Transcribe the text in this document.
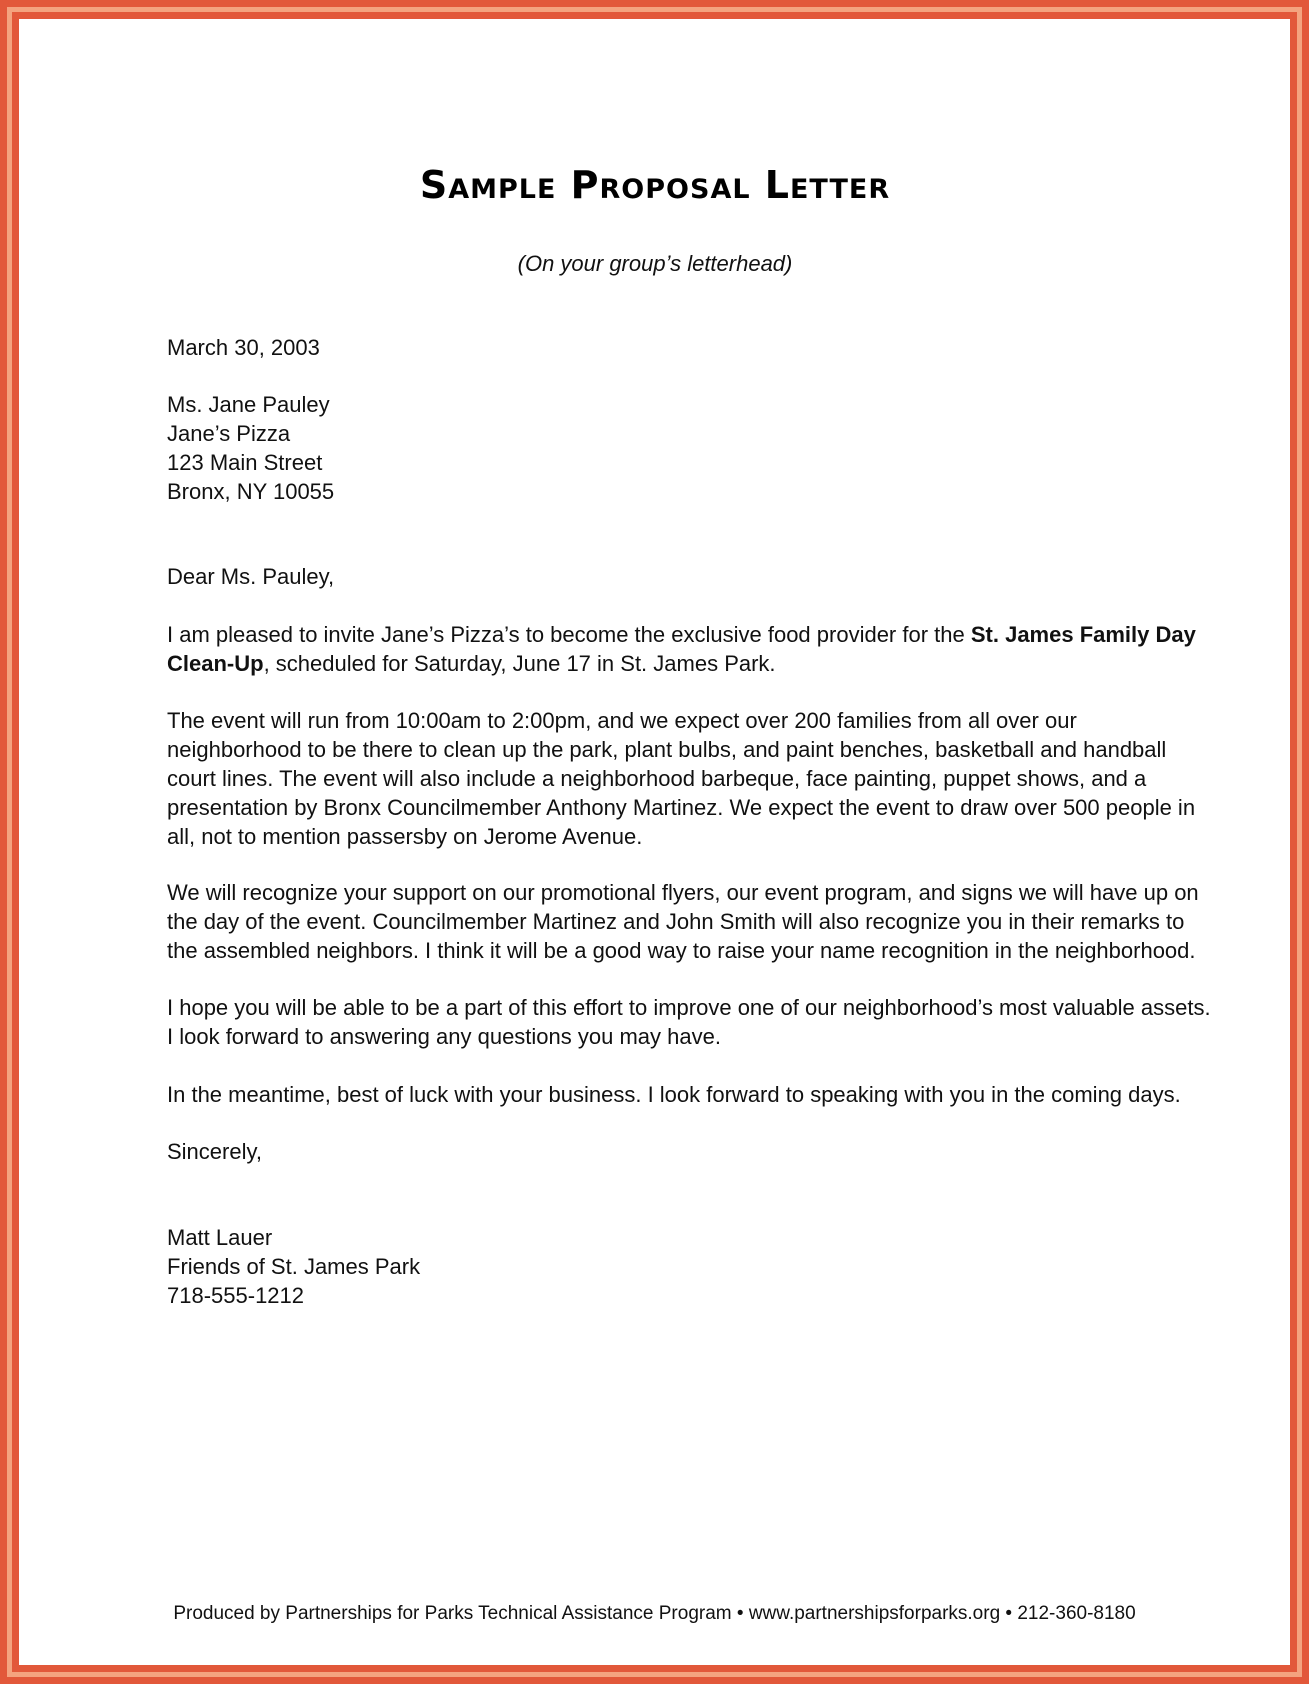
Sample Proposal Letter
(On your group’s letterhead)
March 30, 2003
Ms. Jane Pauley
Jane’s Pizza
123 Main Street
Bronx, NY 10055
Dear Ms. Pauley,
I am pleased to invite Jane’s Pizza’s to become the exclusive food provider for the St. James Family Day
Clean-Up, scheduled for Saturday, June 17 in St. James Park.
The event will run from 10:00am to 2:00pm, and we expect over 200 families from all over our
neighborhood to be there to clean up the park, plant bulbs, and paint benches, basketball and handball
court lines. The event will also include a neighborhood barbeque, face painting, puppet shows, and a
presentation by Bronx Councilmember Anthony Martinez. We expect the event to draw over 500 people in
all, not to mention passersby on Jerome Avenue.
We will recognize your support on our promotional flyers, our event program, and signs we will have up on
the day of the event. Councilmember Martinez and John Smith will also recognize you in their remarks to
the assembled neighbors. I think it will be a good way to raise your name recognition in the neighborhood.
I hope you will be able to be a part of this effort to improve one of our neighborhood’s most valuable assets.
I look forward to answering any questions you may have.
In the meantime, best of luck with your business. I look forward to speaking with you in the coming days.
Sincerely,
Matt Lauer
Friends of St. James Park
718-555-1212
Produced by Partnerships for Parks Technical Assistance Program • www.partnershipsforparks.org • 212-360-8180
